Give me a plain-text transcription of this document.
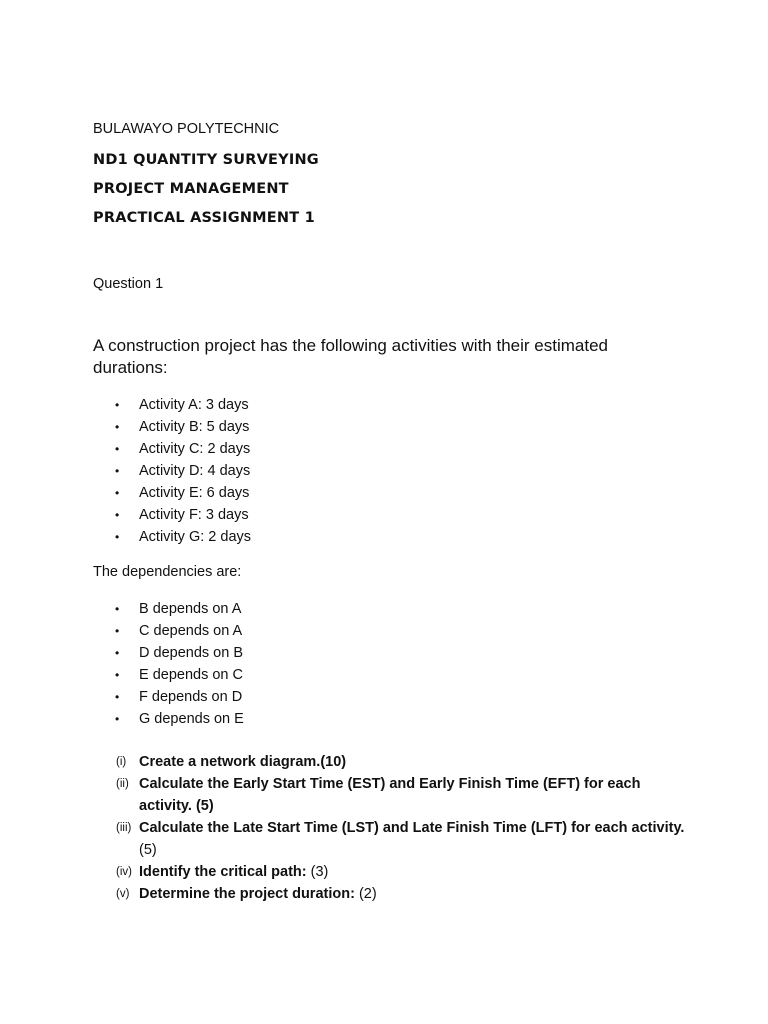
BULAWAYO POLYTECHNIC
ND1 QUANTITY SURVEYING
PROJECT MANAGEMENT
PRACTICAL ASSIGNMENT 1
Question 1
A construction project has the following activities with their estimated durations:
• Activity A: 3 days
• Activity B: 5 days
• Activity C: 2 days
• Activity D: 4 days
• Activity E: 6 days
• Activity F: 3 days
• Activity G: 2 days
The dependencies are:
• B depends on A
• C depends on A
• D depends on B
• E depends on C
• F depends on D
• G depends on E
(i) Create a network diagram.(10)
(ii) Calculate the Early Start Time (EST) and Early Finish Time (EFT) for each activity. (5)
(iii) Calculate the Late Start Time (LST) and Late Finish Time (LFT) for each activity. (5)
(iv) Identify the critical path: (3)
(v) Determine the project duration: (2)
